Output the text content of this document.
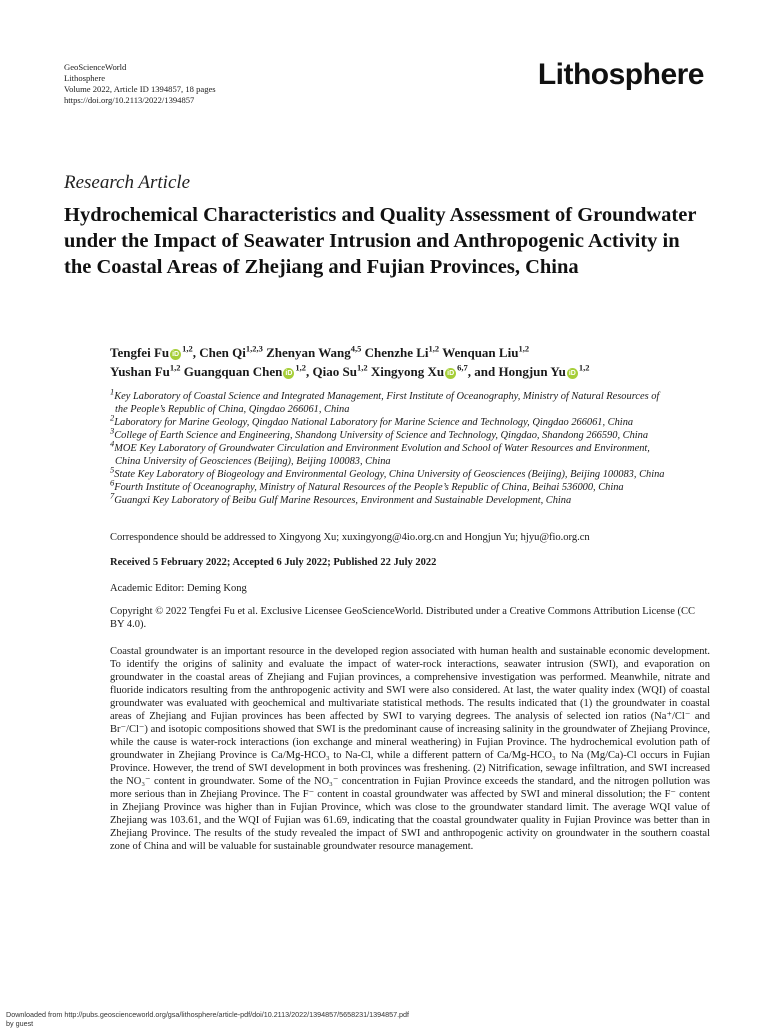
GeoScienceWorld
Lithosphere
Volume 2022, Article ID 1394857, 18 pages
https://doi.org/10.2113/2022/1394857
Lithosphere
Research Article
Hydrochemical Characteristics and Quality Assessment of Groundwater under the Impact of Seawater Intrusion and Anthropogenic Activity in the Coastal Areas of Zhejiang and Fujian Provinces, China
Tengfei Fu iD$^{1,2}$, Chen Qi$^{1,2,3}$ Zhenyan Wang$^{4,5}$ Chenzhe Li$^{1,2}$ Wenquan Liu$^{1,2}$
Yushan Fu$^{1,2}$ Guangquan Chen iD$^{1,2}$, Qiao Su$^{1,2}$ Xingyong Xu iD$^{6,7}$, and Hongjun Yu iD$^{1,2}$
$^1$Key Laboratory of Coastal Science and Integrated Management, First Institute of Oceanography, Ministry of Natural Resources of
the People’s Republic of China, Qingdao 266061, China
$^2$Laboratory for Marine Geology, Qingdao National Laboratory for Marine Science and Technology, Qingdao 266061, China
$^3$College of Earth Science and Engineering, Shandong University of Science and Technology, Qingdao, Shandong 266590, China
$^4$MOE Key Laboratory of Groundwater Circulation and Environment Evolution and School of Water Resources and Environment,
China University of Geosciences (Beijing), Beijing 100083, China
$^5$State Key Laboratory of Biogeology and Environmental Geology, China University of Geosciences (Beijing), Beijing 100083, China
$^6$Fourth Institute of Oceanography, Ministry of Natural Resources of the People’s Republic of China, Beihai 536000, China
$^7$Guangxi Key Laboratory of Beibu Gulf Marine Resources, Environment and Sustainable Development, China
Correspondence should be addressed to Xingyong Xu; xuxingyong@4io.org.cn and Hongjun Yu; hjyu@fio.org.cn
Received 5 February 2022; Accepted 6 July 2022; Published 22 July 2022
Academic Editor: Deming Kong
Copyright © 2022 Tengfei Fu et al. Exclusive Licensee GeoScienceWorld. Distributed under a Creative Commons Attribution License (CC BY 4.0).
Coastal groundwater is an important resource in the developed region associated with human health and sustainable economic development. To identify the origins of salinity and evaluate the impact of water-rock interactions, seawater intrusion (SWI), and evaporation on groundwater in the coastal areas of Zhejiang and Fujian provinces, a comprehensive investigation was performed. Meanwhile, nitrate and fluoride indicators resulting from the anthropogenic activity and SWI were also considered. At last, the water quality index (WQI) of coastal groundwater was evaluated with geochemical and multivariate statistical methods. The results indicated that (1) the groundwater in coastal areas of Zhejiang and Fujian provinces has been affected by SWI to varying degrees. The analysis of selected ion ratios (Na⁺/Cl⁻ and Br⁻/Cl⁻) and isotopic compositions showed that SWI is the predominant cause of increasing salinity in the groundwater of Zhejiang Province, while the cause is water-rock interactions (ion exchange and mineral weathering) in Fujian Province. The hydrochemical evolution path of groundwater in Zhejiang Province is Ca/Mg-HCO₃ to Na-Cl, while a different pattern of Ca/Mg-HCO₃ to Na (Mg/Ca)-Cl occurs in Fujian Province. However, the trend of SWI development in both provinces was freshening. (2) Nitrification, sewage infiltration, and SWI increased the NO₃⁻ content in groundwater. Some of the NO₃⁻ concentration in Fujian Province exceeds the standard, and the nitrogen pollution was more serious than in Zhejiang Province. The F⁻ content in coastal groundwater was affected by SWI and mineral dissolution; the F⁻ content in Zhejiang Province was higher than in Fujian Province, which was close to the groundwater standard limit. The average WQI value of Zhejiang was 103.61, and the WQI of Fujian was 61.69, indicating that the coastal groundwater quality in Fujian Province was better than in Zhejiang Province. The results of the study revealed the impact of SWI and anthropogenic activity on groundwater in the southern coastal zone of China and will be valuable for sustainable groundwater resource management.
Downloaded from http://pubs.geoscienceworld.org/gsa/lithosphere/article-pdf/doi/10.2113/2022/1394857/5658231/1394857.pdf
by guest
